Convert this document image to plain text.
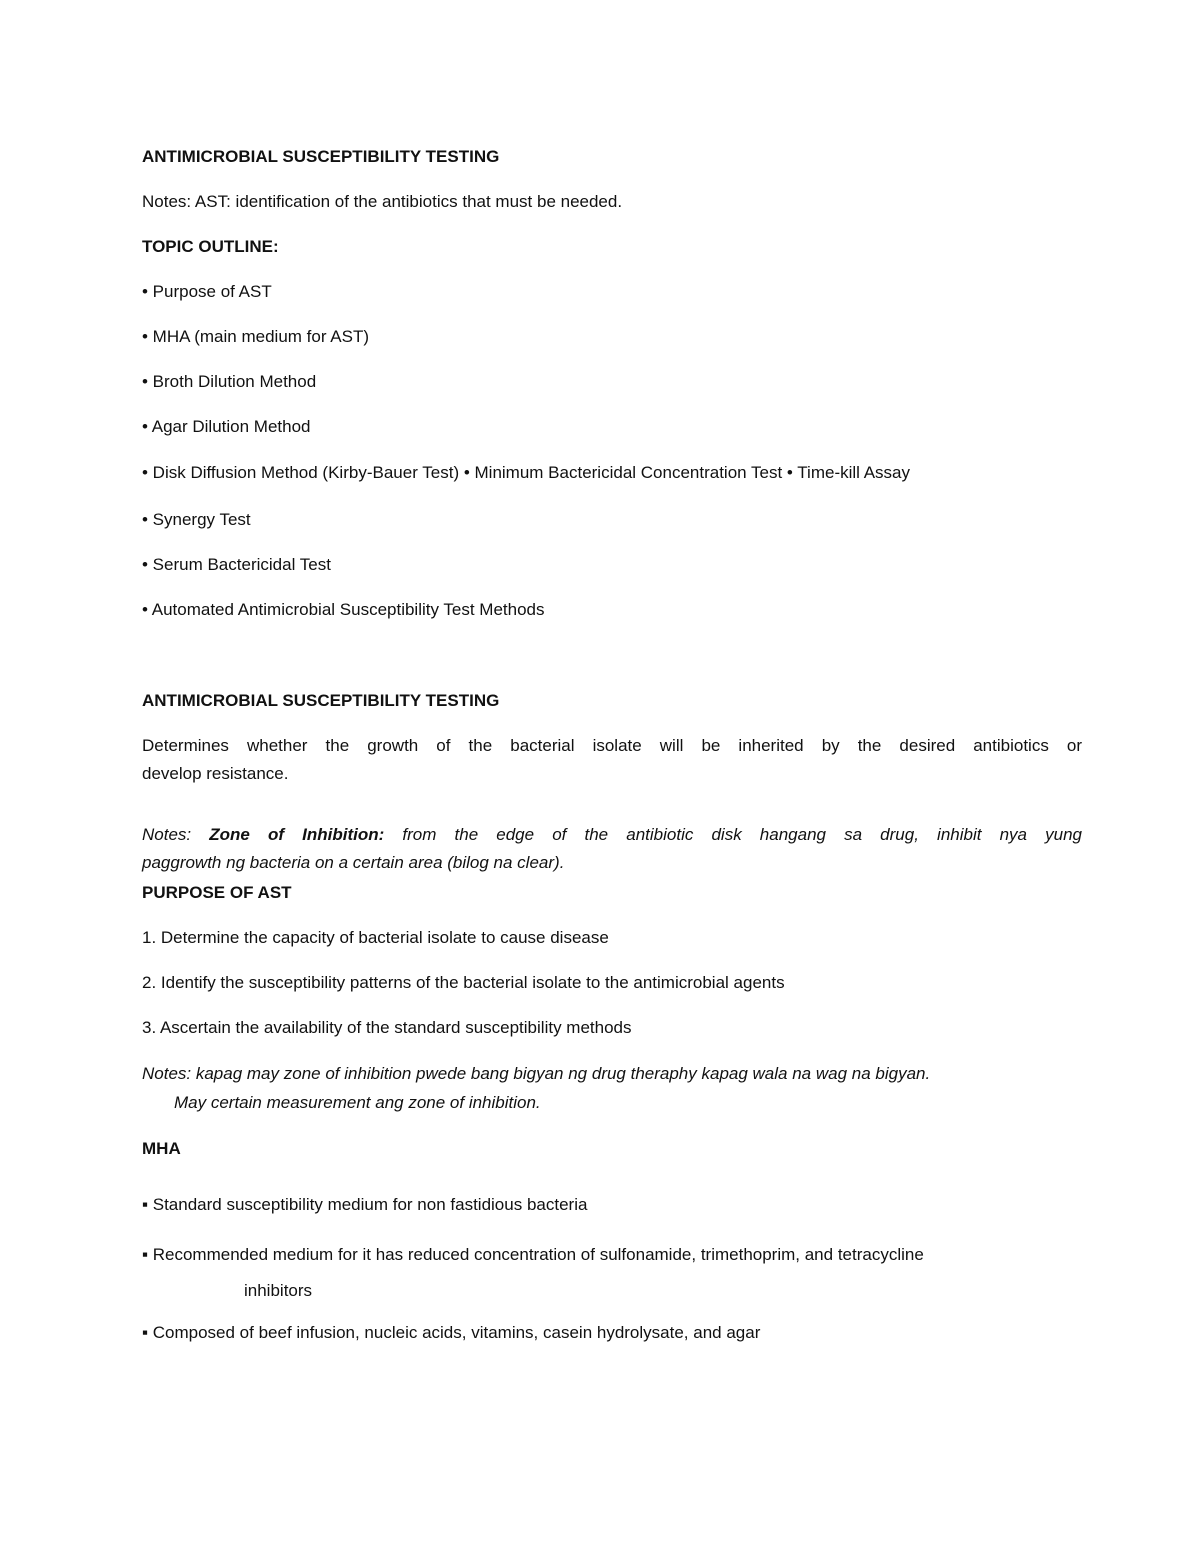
ANTIMICROBIAL SUSCEPTIBILITY TESTING
Notes: AST: identification of the antibiotics that must be needed.
TOPIC OUTLINE:
• Purpose of AST
• MHA (main medium for AST)
• Broth Dilution Method
• Agar Dilution Method
• Disk Diffusion Method (Kirby-Bauer Test) • Minimum Bactericidal Concentration Test • Time-kill Assay
• Synergy Test
• Serum Bactericidal Test
• Automated Antimicrobial Susceptibility Test Methods
ANTIMICROBIAL SUSCEPTIBILITY TESTING
Determines whether the growth of the bacterial isolate will be inherited by the desired antibiotics or
develop resistance.
Notes: Zone of Inhibition: from the edge of the antibiotic disk hangang sa drug, inhibit nya yung
paggrowth ng bacteria on a certain area (bilog na clear).
PURPOSE OF AST
1. Determine the capacity of bacterial isolate to cause disease
2. Identify the susceptibility patterns of the bacterial isolate to the antimicrobial agents
3. Ascertain the availability of the standard susceptibility methods
Notes: kapag may zone of inhibition pwede bang bigyan ng drug theraphy kapag wala na wag na bigyan.
May certain measurement ang zone of inhibition.
MHA
▪ Standard susceptibility medium for non fastidious bacteria
▪ Recommended medium for it has reduced concentration of sulfonamide, trimethoprim, and tetracycline
inhibitors
▪ Composed of beef infusion, nucleic acids, vitamins, casein hydrolysate, and agar
